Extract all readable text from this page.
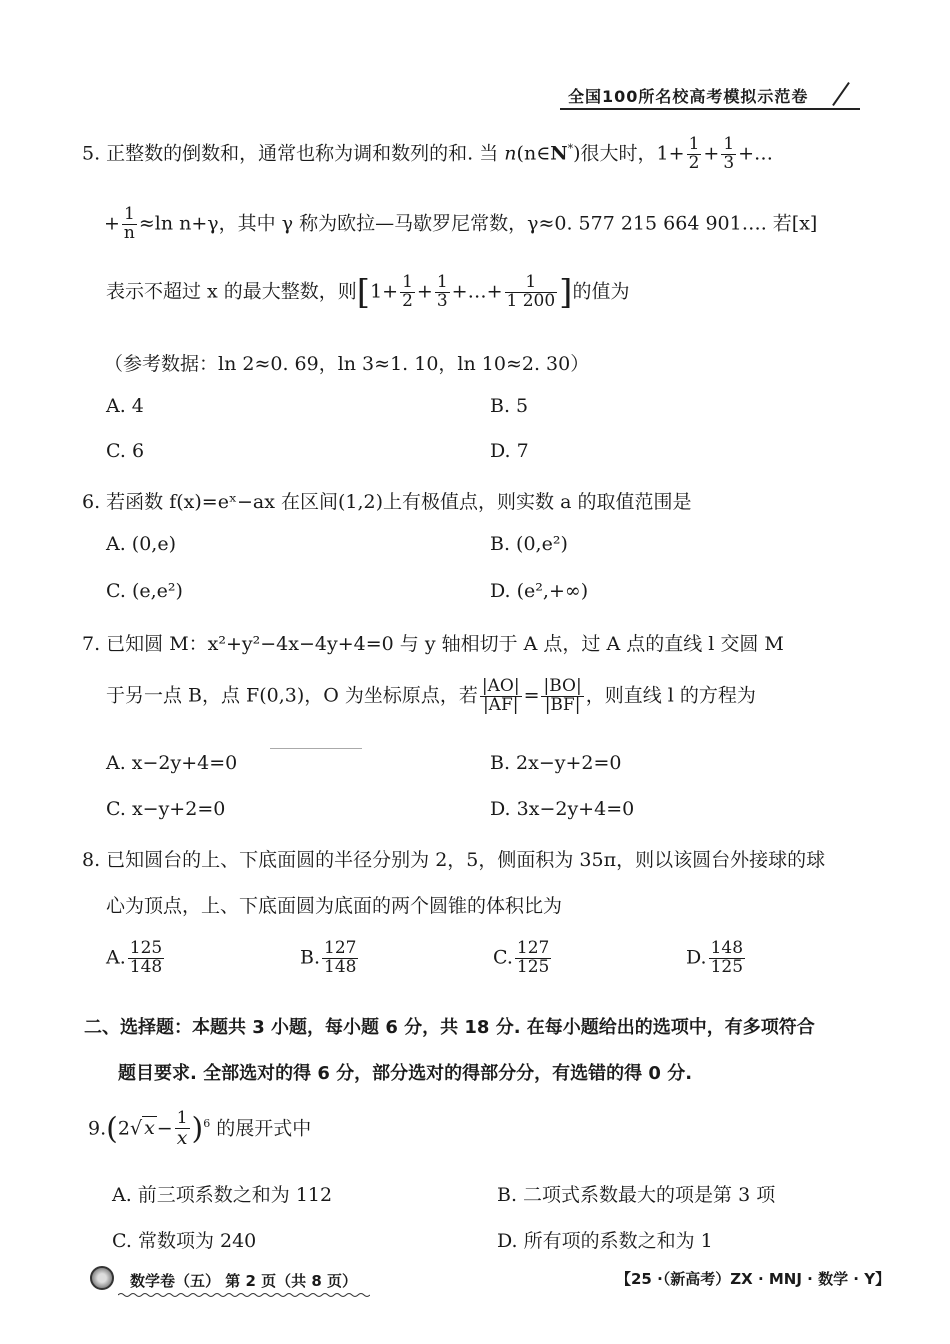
全国100所名校高考模拟示范卷
5. 正整数的倒数和，通常也称为调和数列的和. 当 n(n∈N*)很大时，$1+ \frac{1}{2} + \frac{1}{3}$ +…
+ $\frac{1}{n} \approx\ln$ n+γ，其中 γ 称为欧拉—马歇罗尼常数，γ≈0. 577 215 664 901…. 若[x]
表示不超过 x 的最大整数，则[$1+ \frac{1}{2} + \frac{1}{3}$ +…+ $\frac{1}{1 200}$ ]的值为
（参考数据：ln 2≈0. 69，ln 3≈1. 10，ln 10≈2. 30）
A. 4	B. 5
C. 6	D. 7
6. 若函数 f(x)=eˣ−ax 在区间(1,2)上有极值点，则实数 a 的取值范围是
A. (0,e)	B. (0,e²)
C. (e,e²)	D. (e²,+∞)
7. 已知圆 M：x²+y²−4x−4y+4=0 与 y 轴相切于 A 点，过 A 点的直线 l 交圆 M
于另一点 B，点 F(0,3)，O 为坐标原点，若 $\frac{|AO|}{|AF|} = \frac{|BO|}{|BF|}$ ，则直线 l 的方程为
A. x−2y+4=0	B. 2x−y+2=0
C. x−y+2=0	D. 3x−2y+4=0
8. 已知圆台的上、下底面圆的半径分别为 2，5，侧面积为 35π，则以该圆台外接球的球
心为顶点，上、下底面圆为底面的两个圆锥的体积比为
A. $\frac{125}{148}$	B. $\frac{127}{148}$	C. $\frac{127}{125}$	D. $\frac{148}{125}$
二、选择题：本题共 3 小题，每小题 6 分，共 18 分. 在每小题给出的选项中，有多项符合
题目要求. 全部选对的得 6 分，部分选对的得部分分，有选错的得 0 分.
9.(2√ $x - \frac{1}{x})^6$ 的展开式中
A. 前三项系数之和为 112	B. 二项式系数最大的项是第 3 项
C. 常数项为 240	D. 所有项的系数之和为 1
数学卷（五） 第 2 页（共 8 页）	【25 ·（新高考）ZX · MNJ · 数学 · Y】
